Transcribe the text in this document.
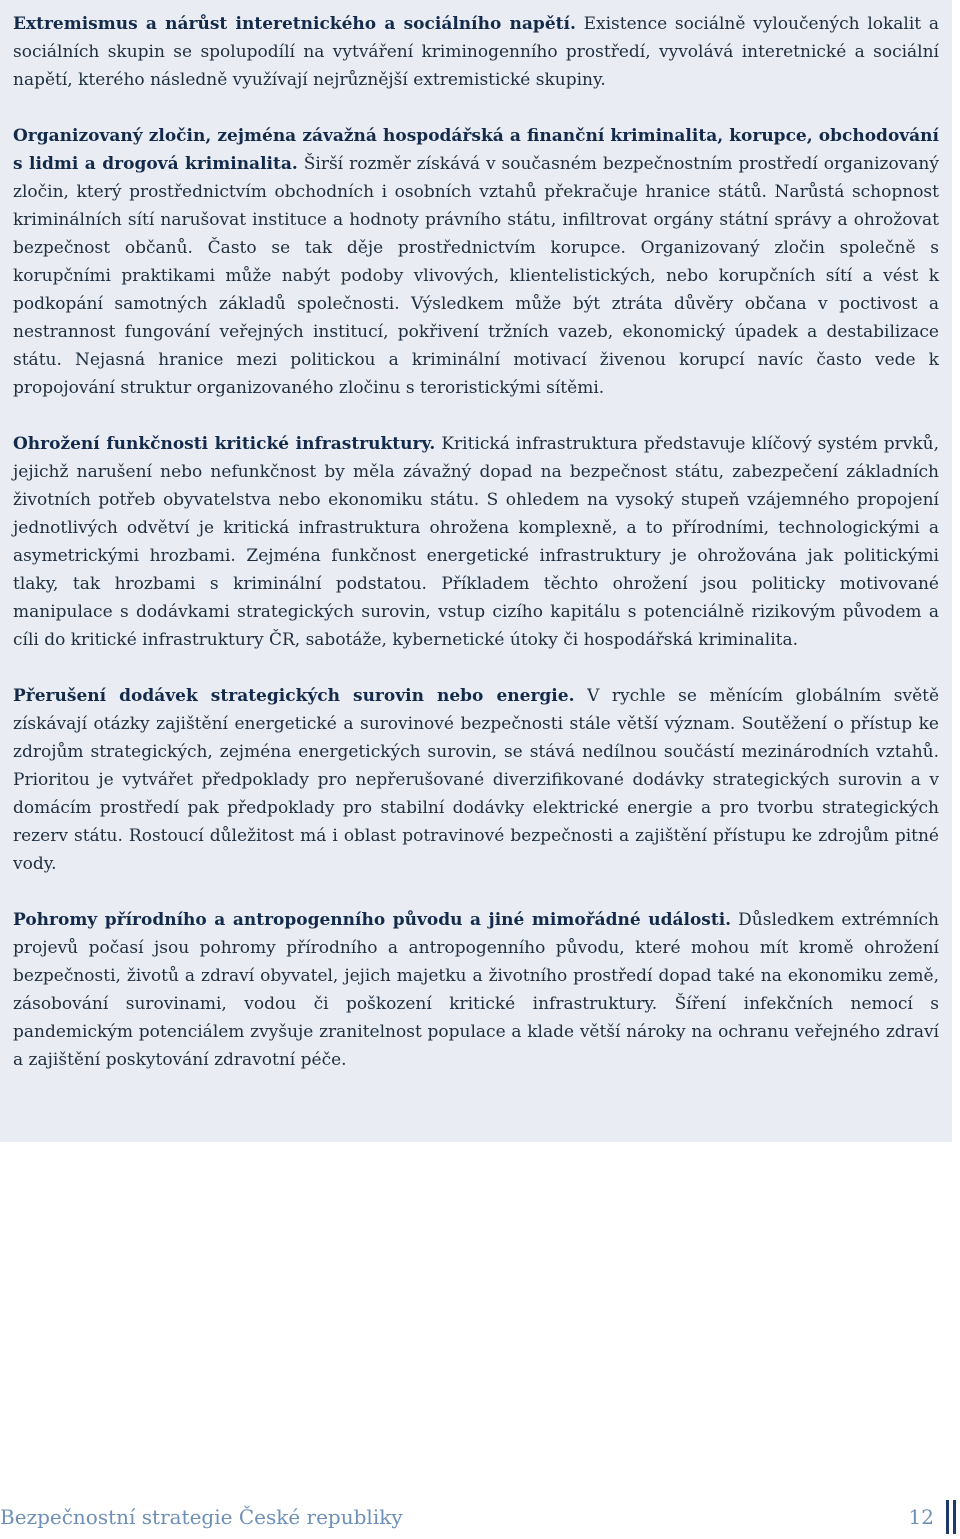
Extremismus a nárůst interetnického a sociálního napětí. Existence sociálně vyloučených lokalit a sociálních skupin se spolupodílí na vytváření kriminogenního prostředí, vyvolává interetnické a sociální napětí, kterého následně využívají nejrůznější extremistické skupiny.

Organizovaný zločin, zejména závažná hospodářská a finanční kriminalita, korupce, obchodování s lidmi a drogová kriminalita. Širší rozměr získává v současném bezpečnostním prostředí organizovaný zločin, který prostřednictvím obchodních i osobních vztahů překračuje hranice států. Narůstá schopnost kriminálních sítí narušovat instituce a hodnoty právního státu, infiltrovat orgány státní správy a ohrožovat bezpečnost občanů. Často se tak děje prostřednictvím korupce. Organizovaný zločin společně s korupčními praktikami může nabýt podoby vlivových, klientelistických, nebo korupčních sítí a vést k podkopání samotných základů společnosti. Výsledkem může být ztráta důvěry občana v poctivost a nestrannost fungování veřejných institucí, pokřivení tržních vazeb, ekonomický úpadek a destabilizace státu. Nejasná hranice mezi politickou a kriminální motivací živenou korupcí navíc často vede k propojování struktur organizovaného zločinu s teroristickými sítěmi.

Ohrožení funkčnosti kritické infrastruktury. Kritická infrastruktura představuje klíčový systém prvků, jejichž narušení nebo nefunkčnost by měla závažný dopad na bezpečnost státu, zabezpečení základních životních potřeb obyvatelstva nebo ekonomiku státu. S ohledem na vysoký stupeň vzájemného propojení jednotlivých odvětví je kritická infrastruktura ohrožena komplexně, a to přírodními, technologickými a asymetrickými hrozbami. Zejména funkčnost energetické infrastruktury je ohrožována jak politickými tlaky, tak hrozbami s kriminální podstatou. Příkladem těchto ohrožení jsou politicky motivované manipulace s dodávkami strategických surovin, vstup cizího kapitálu s potenciálně rizikovým původem a cíli do kritické infrastruktury ČR, sabotáže, kybernetické útoky či hospodářská kriminalita.

Přerušení dodávek strategických surovin nebo energie. V rychle se měnícím globálním světě získávají otázky zajištění energetické a surovinové bezpečnosti stále větší význam. Soutěžení o přístup ke zdrojům strategických, zejména energetických surovin, se stává nedílnou součástí mezinárodních vztahů. Prioritou je vytvářet předpoklady pro nepřerušované diverzifikované dodávky strategických surovin a v domácím prostředí pak předpoklady pro stabilní dodávky elektrické energie a pro tvorbu strategických rezerv státu. Rostoucí důležitost má i oblast potravinové bezpečnosti a zajištění přístupu ke zdrojům pitné vody.

Pohromy přírodního a antropogenního původu a jiné mimořádné události. Důsledkem extrémních projevů počasí jsou pohromy přírodního a antropogenního původu, které mohou mít kromě ohrožení bezpečnosti, životů a zdraví obyvatel, jejich majetku a životního prostředí dopad také na ekonomiku země, zásobování surovinami, vodou či poškození kritické infrastruktury. Šíření infekčních nemocí s pandemickým potenciálem zvyšuje zranitelnost populace a klade větší nároky na ochranu veřejného zdraví a zajištění poskytování zdravotní péče.

Bezpečnostní strategie České republiky	12
